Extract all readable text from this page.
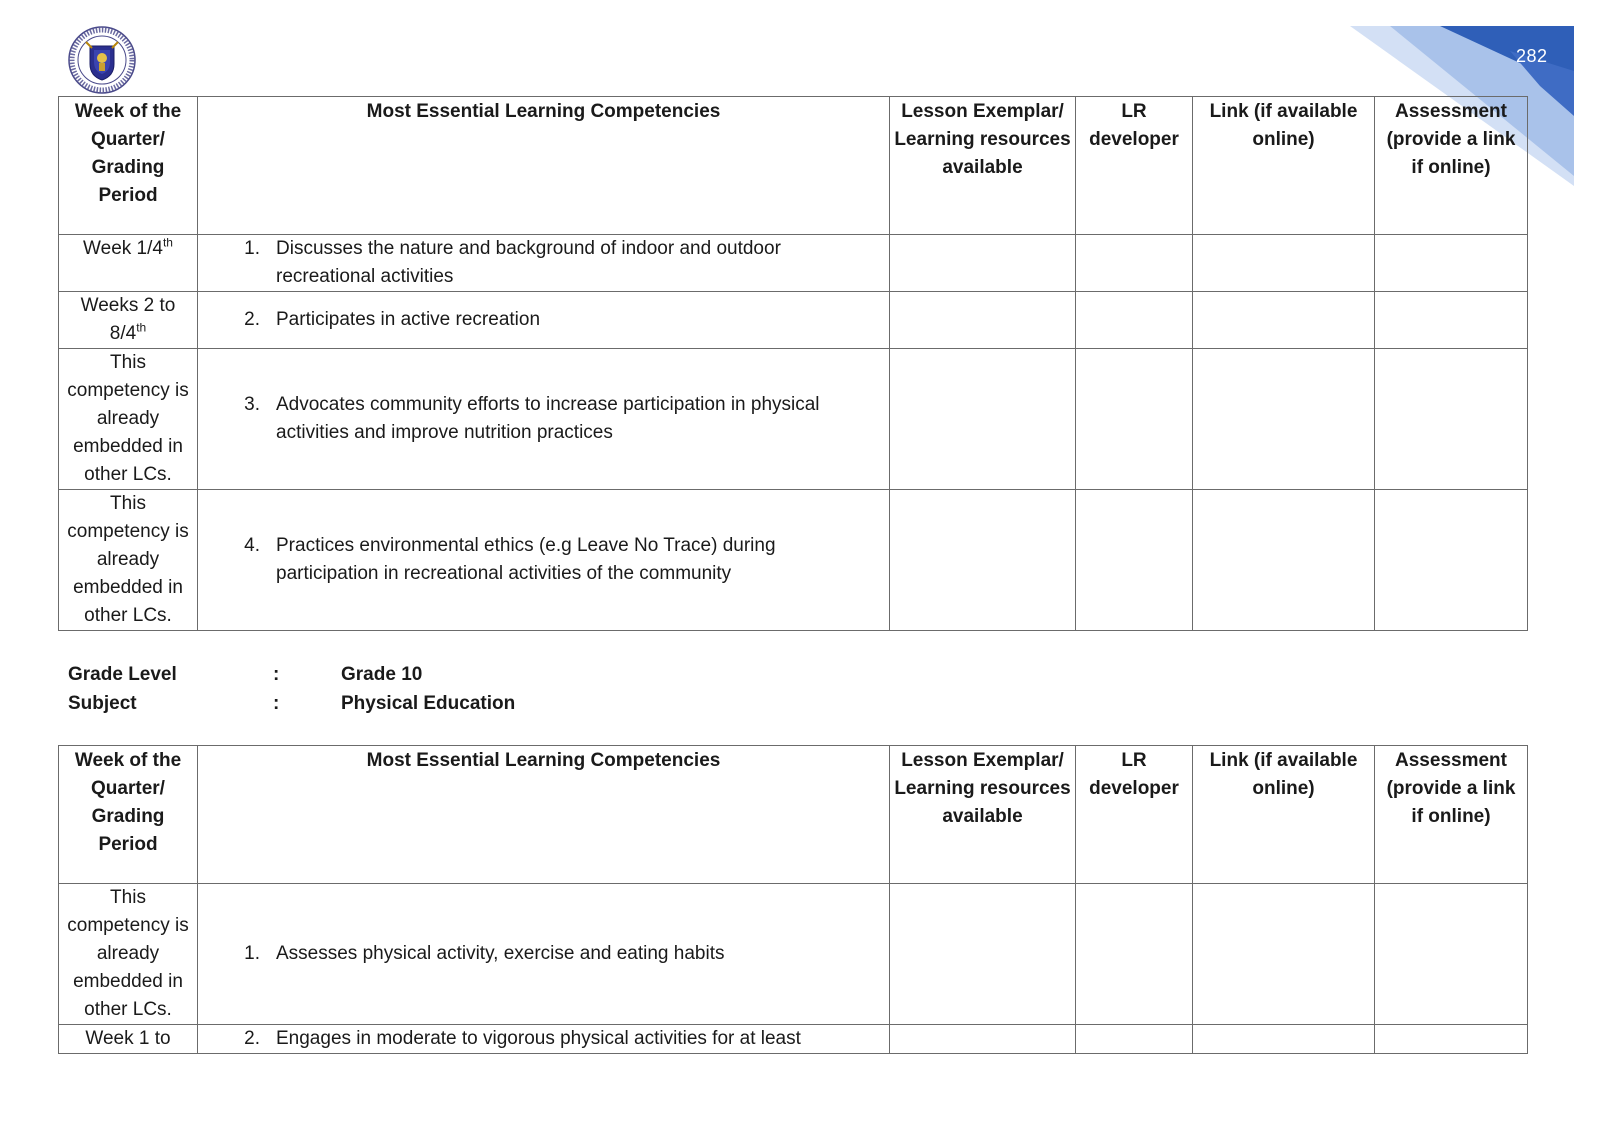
282
Week of the Quarter/ Grading Period	Most Essential Learning Competencies	Lesson Exemplar/ Learning resources available	LR developer	Link (if available online)	Assessment (provide a link if online)
Week 1/4th	1. Discusses the nature and background of indoor and outdoor recreational activities				

Weeks 2 to 8/4th	2. Participates in active recreation				

This competency is already embedded in other LCs.	3. Advocates community efforts to increase participation in physical activities and improve nutrition practices				

This competency is already embedded in other LCs.	4. Practices environmental ethics (e.g Leave No Trace) during participation in recreational activities of the community				

Grade Level	:	Grade 10
Subject	:	Physical Education
Week of the Quarter/ Grading Period	Most Essential Learning Competencies	Lesson Exemplar/ Learning resources available	LR developer	Link (if available online)	Assessment (provide a link if online)
This competency is already embedded in other LCs.	1. Assesses physical activity, exercise and eating habits				

Week 1 to	2. Engages in moderate to vigorous physical activities for at least				
